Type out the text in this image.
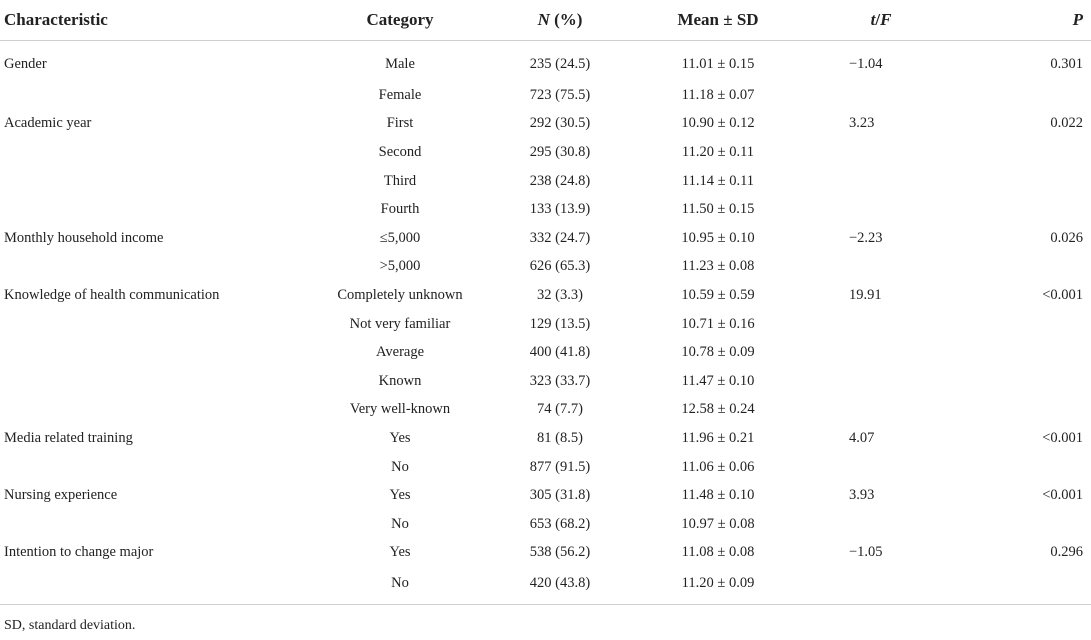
Characteristic	Category	N (%)	Mean ± SD	t/F	P
Gender	Male	235 (24.5)	11.01 ± 0.15	−1.04	0.301
	Female	723 (75.5)	11.18 ± 0.07		
Academic year	First	292 (30.5)	10.90 ± 0.12	3.23	0.022
	Second	295 (30.8)	11.20 ± 0.11		
	Third	238 (24.8)	11.14 ± 0.11		
	Fourth	133 (13.9)	11.50 ± 0.15		
Monthly household income	≤5,000	332 (24.7)	10.95 ± 0.10	−2.23	0.026
	>5,000	626 (65.3)	11.23 ± 0.08		
Knowledge of health communication	Completely unknown	32 (3.3)	10.59 ± 0.59	19.91	<0.001
	Not very familiar	129 (13.5)	10.71 ± 0.16		
	Average	400 (41.8)	10.78 ± 0.09		
	Known	323 (33.7)	11.47 ± 0.10		
	Very well-known	74 (7.7)	12.58 ± 0.24		
Media related training	Yes	81 (8.5)	11.96 ± 0.21	4.07	<0.001
	No	877 (91.5)	11.06 ± 0.06		
Nursing experience	Yes	305 (31.8)	11.48 ± 0.10	3.93	<0.001
	No	653 (68.2)	10.97 ± 0.08		
Intention to change major	Yes	538 (56.2)	11.08 ± 0.08	−1.05	0.296
	No	420 (43.8)	11.20 ± 0.09		
SD, standard deviation.					
